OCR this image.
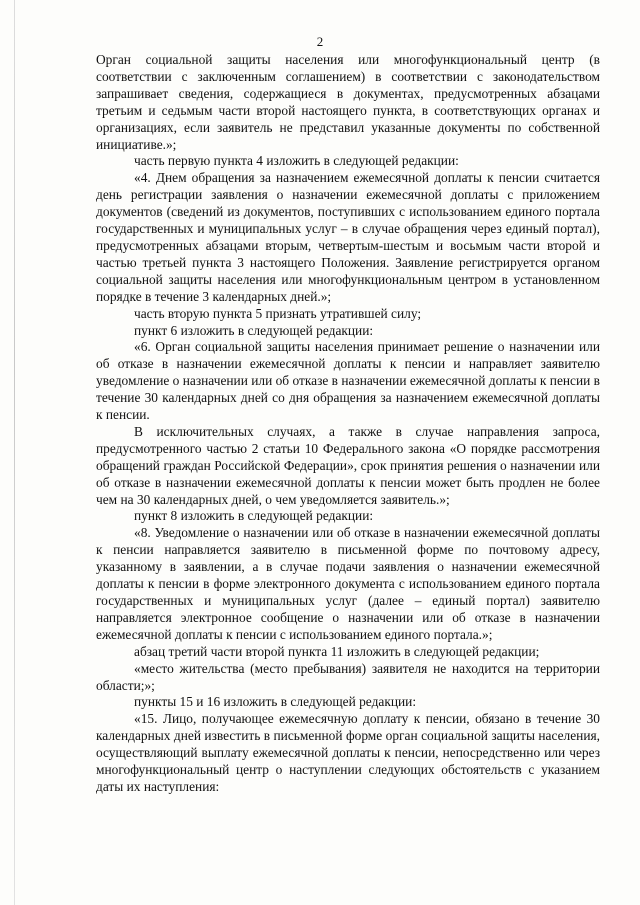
2

Орган социальной защиты населения или многофункциональный центр (в соответствии с заключенным соглашением) в соответствии с законодательством запрашивает сведения, содержащиеся в документах, предусмотренных абзацами третьим и седьмым части второй настоящего пункта, в соответствующих органах и организациях, если заявитель не представил указанные документы по собственной инициативе.»;

часть первую пункта 4 изложить в следующей редакции:

«4. Днем обращения за назначением ежемесячной доплаты к пенсии считается день регистрации заявления о назначении ежемесячной доплаты с приложением документов (сведений из документов, поступивших с использованием единого портала государственных и муниципальных услуг – в случае обращения через единый портал), предусмотренных абзацами вторым, четвертым-шестым и восьмым части второй и частью третьей пункта 3 настоящего Положения. Заявление регистрируется органом социальной защиты населения или многофункциональным центром в установленном порядке в течение 3 календарных дней.»;

часть вторую пункта 5 признать утратившей силу;

пункт 6 изложить в следующей редакции:

«6. Орган социальной защиты населения принимает решение о назначении или об отказе в назначении ежемесячной доплаты к пенсии и направляет заявителю уведомление о назначении или об отказе в назначении ежемесячной доплаты к пенсии в течение 30 календарных дней со дня обращения за назначением ежемесячной доплаты к пенсии.

В исключительных случаях, а также в случае направления запроса, предусмотренного частью 2 статьи 10 Федерального закона «О порядке рассмотрения обращений граждан Российской Федерации», срок принятия решения о назначении или об отказе в назначении ежемесячной доплаты к пенсии может быть продлен не более чем на 30 календарных дней, о чем уведомляется заявитель.»;

пункт 8 изложить в следующей редакции:

«8. Уведомление о назначении или об отказе в назначении ежемесячной доплаты к пенсии направляется заявителю в письменной форме по почтовому адресу, указанному в заявлении, а в случае подачи заявления о назначении ежемесячной доплаты к пенсии в форме электронного документа с использованием единого портала государственных и муниципальных услуг (далее – единый портал) заявителю направляется электронное сообщение о назначении или об отказе в назначении ежемесячной доплаты к пенсии с использованием единого портала.»;

абзац третий части второй пункта 11 изложить в следующей редакции;

«место жительства (место пребывания) заявителя не находится на территории области;»;

пункты 15 и 16 изложить в следующей редакции:

«15. Лицо, получающее ежемесячную доплату к пенсии, обязано в течение 30 календарных дней известить в письменной форме орган социальной защиты населения, осуществляющий выплату ежемесячной доплаты к пенсии, непосредственно или через многофункциональный центр о наступлении следующих обстоятельств с указанием даты их наступления:
